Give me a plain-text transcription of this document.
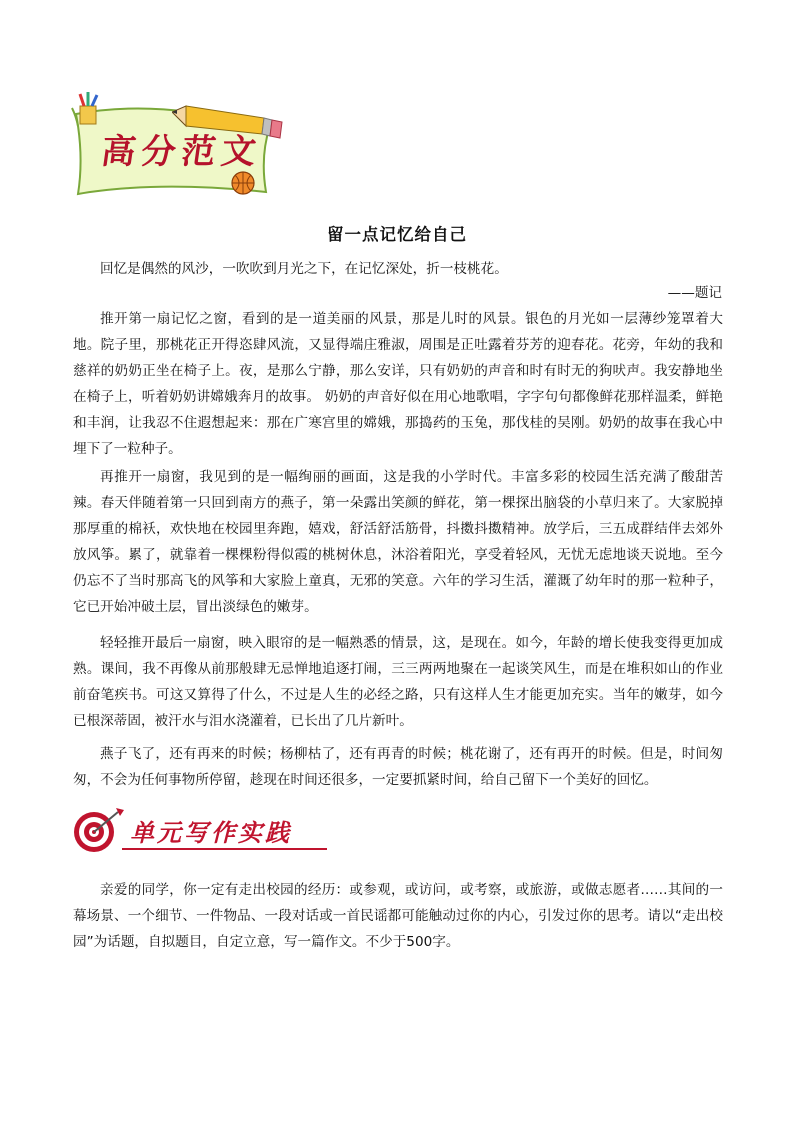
高分范文
留一点记忆给自己
回忆是偶然的风沙，一吹吹到月光之下，在记忆深处，折一枝桃花。
——题记
推开第一扇记忆之窗，看到的是一道美丽的风景，那是儿时的风景。银色的月光如一层薄纱笼罩着大地。院子里，那桃花正开得恣肆风流，又显得端庄雅淑，周围是正吐露着芬芳的迎春花。花旁，年幼的我和慈祥的奶奶正坐在椅子上。夜，是那么宁静，那么安详，只有奶奶的声音和时有时无的狗吠声。我安静地坐在椅子上，听着奶奶讲嫦娥奔月的故事。 奶奶的声音好似在用心地歌唱，字字句句都像鲜花那样温柔，鲜艳和丰润，让我忍不住遐想起来：那在广寒宫里的嫦娥，那捣药的玉兔，那伐桂的吴刚。奶奶的故事在我心中埋下了一粒种子。
再推开一扇窗，我见到的是一幅绚丽的画面，这是我的小学时代。丰富多彩的校园生活充满了酸甜苦辣。春天伴随着第一只回到南方的燕子，第一朵露出笑颜的鲜花，第一棵探出脑袋的小草归来了。大家脱掉那厚重的棉袄，欢快地在校园里奔跑，嬉戏，舒活舒活筋骨，抖擞抖擞精神。放学后，三五成群结伴去郊外放风筝。累了，就靠着一棵棵粉得似霞的桃树休息，沐浴着阳光，享受着轻风，无忧无虑地谈天说地。至今仍忘不了当时那高飞的风筝和大家脸上童真，无邪的笑意。六年的学习生活，灌溉了幼年时的那一粒种子，它已开始冲破土层，冒出淡绿色的嫩芽。
轻轻推开最后一扇窗，映入眼帘的是一幅熟悉的情景，这，是现在。如今，年龄的增长使我变得更加成熟。课间，我不再像从前那般肆无忌惮地追逐打闹，三三两两地聚在一起谈笑风生，而是在堆积如山的作业前奋笔疾书。可这又算得了什么，不过是人生的必经之路，只有这样人生才能更加充实。当年的嫩芽，如今已根深蒂固，被汗水与泪水浇灌着，已长出了几片新叶。
燕子飞了，还有再来的时候；杨柳枯了，还有再青的时候；桃花谢了，还有再开的时候。但是，时间匆匆，不会为任何事物所停留，趁现在时间还很多，一定要抓紧时间，给自己留下一个美好的回忆。
单元写作实践
亲爱的同学，你一定有走出校园的经历：或参观，或访问，或考察，或旅游，或做志愿者……其间的一幕场景、一个细节、一件物品、一段对话或一首民谣都可能触动过你的内心，引发过你的思考。请以“走出校园”为话题，自拟题目，自定立意，写一篇作文。不少于500字。
